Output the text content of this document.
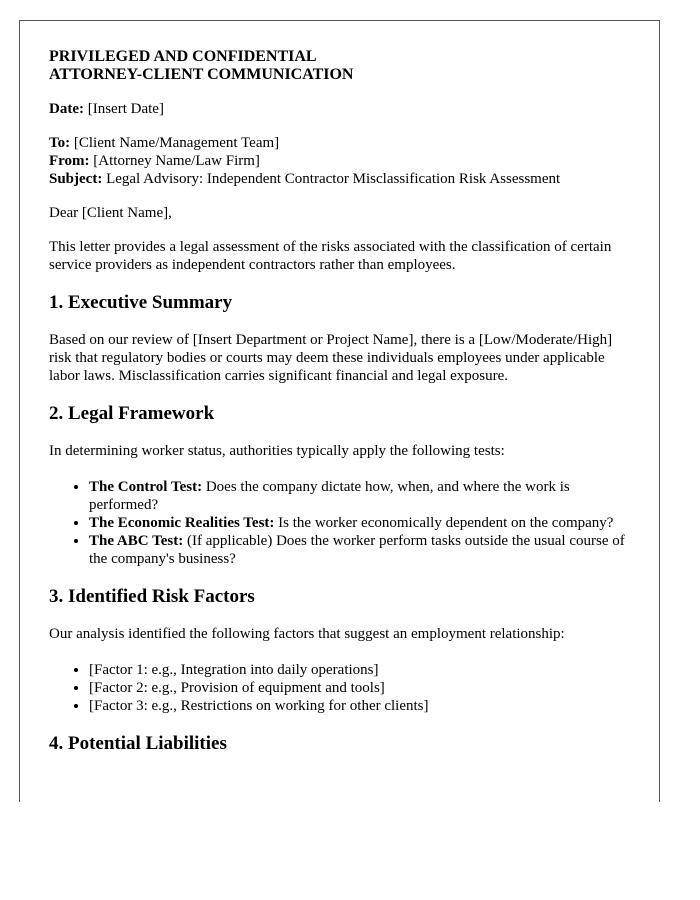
PRIVILEGED AND CONFIDENTIAL
ATTORNEY-CLIENT COMMUNICATION

Date: [Insert Date]

To: [Client Name/Management Team]

From: [Attorney Name/Law Firm]

Subject: Legal Advisory: Independent Contractor Misclassification Risk Assessment

Dear [Client Name],

This letter provides a legal assessment of the risks associated with the classification of certain service providers as independent contractors rather than employees.

1. Executive Summary

Based on our review of [Insert Department or Project Name], there is a [Low/Moderate/High] risk that regulatory bodies or courts may deem these individuals employees under applicable labor laws. Misclassification carries significant financial and legal exposure.

2. Legal Framework

In determining worker status, authorities typically apply the following tests:

• The Control Test: Does the company dictate how, when, and where the work is performed?
• The Economic Realities Test: Is the worker economically dependent on the company?
• The ABC Test: (If applicable) Does the worker perform tasks outside the usual course of the company's business?
3. Identified Risk Factors

Our analysis identified the following factors that suggest an employment relationship:

• [Factor 1: e.g., Integration into daily operations]
• [Factor 2: e.g., Provision of equipment and tools]
• [Factor 3: e.g., Restrictions on working for other clients]
4. Potential Liabilities
